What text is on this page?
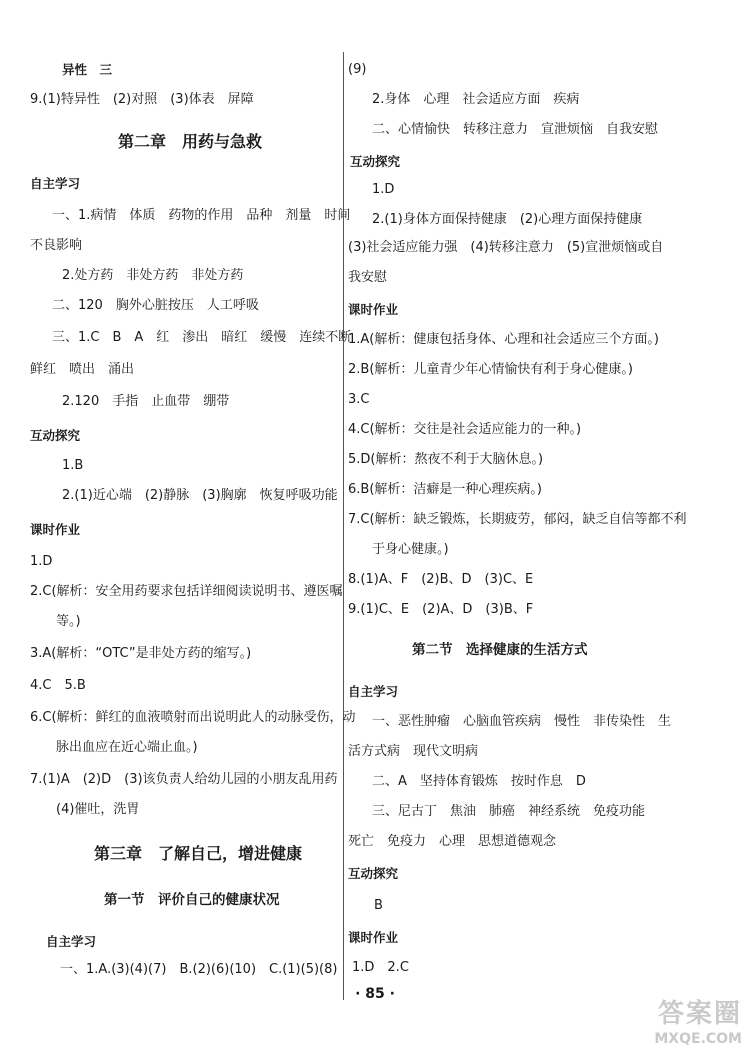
异性　三
9.(1)特异性　(2)对照　(3)体表　屏障
第二章　用药与急救
自主学习
一、1.病情　体质　药物的作用　品种　剂量　时间
不良影响
2.处方药　非处方药　非处方药
二、120　胸外心脏按压　人工呼吸
三、1.C　B　A　红　渗出　暗红　缓慢　连续不断
鲜红　喷出　涌出
2.120　手指　止血带　绷带
互动探究
1.B
2.(1)近心端　(2)静脉　(3)胸廓　恢复呼吸功能
课时作业
1.D
2.C(解析：安全用药要求包括详细阅读说明书、遵医嘱
等。)
3.A(解析：“OTC”是非处方药的缩写。)
4.C　5.B
6.C(解析：鲜红的血液喷射而出说明此人的动脉受伤，动
脉出血应在近心端止血。)
7.(1)A　(2)D　(3)该负责人给幼儿园的小朋友乱用药
(4)催吐，洗胃
第三章　了解自己，增进健康
第一节　评价自己的健康状况
自主学习
一、1.A.(3)(4)(7)　B.(2)(6)(10)　C.(1)(5)(8)
(9)
2.身体　心理　社会适应方面　疾病
二、心情愉快　转移注意力　宣泄烦恼　自我安慰
互动探究
1.D
2.(1)身体方面保持健康　(2)心理方面保持健康
(3)社会适应能力强　(4)转移注意力　(5)宣泄烦恼或自
我安慰
课时作业
1.A(解析：健康包括身体、心理和社会适应三个方面。)
2.B(解析：儿童青少年心情愉快有利于身心健康。)
3.C
4.C(解析：交往是社会适应能力的一种。)
5.D(解析：熬夜不利于大脑休息。)
6.B(解析：洁癖是一种心理疾病。)
7.C(解析：缺乏锻炼，长期疲劳，郁闷，缺乏自信等都不利
于身心健康。)
8.(1)A、F　(2)B、D　(3)C、E
9.(1)C、E　(2)A、D　(3)B、F
第二节　选择健康的生活方式
自主学习
一、恶性肿瘤　心脑血管疾病　慢性　非传染性　生
活方式病　现代文明病
二、A　坚持体育锻炼　按时作息　D
三、尼古丁　焦油　肺癌　神经系统　免疫功能
死亡　免疫力　心理　思想道德观念
互动探究
B
课时作业
1.D　2.C
· 85 ·
答案圈
MXQE.COM
